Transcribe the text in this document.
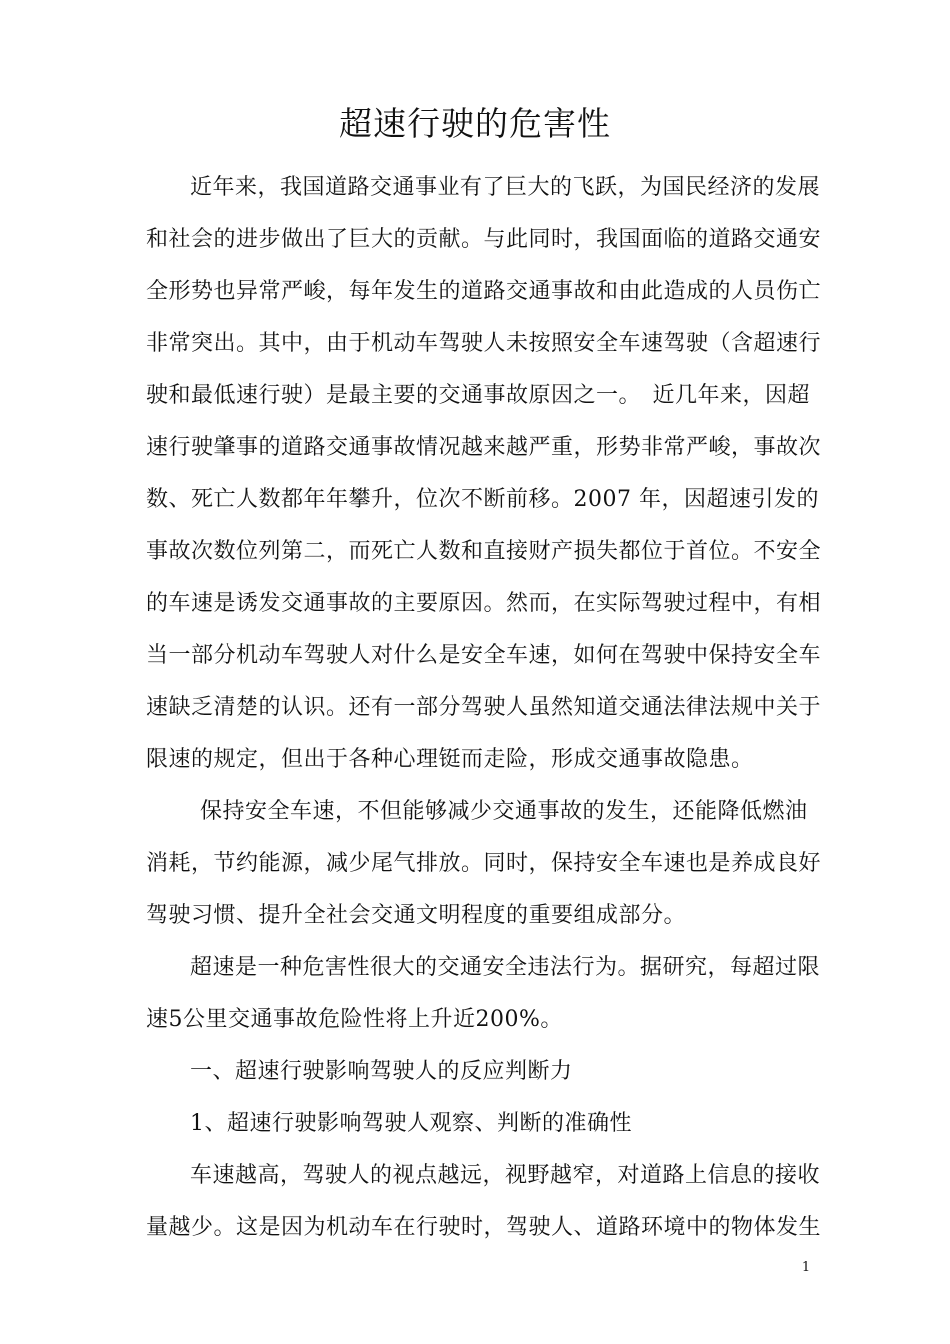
超速行驶的危害性

近年来，我国道路交通事业有了巨大的飞跃，为国民经济的发展

和社会的进步做出了巨大的贡献。与此同时，我国面临的道路交通安

全形势也异常严峻，每年发生的道路交通事故和由此造成的人员伤亡

非常突出。其中，由于机动车驾驶人未按照安全车速驾驶（含超速行

驶和最低速行驶）是最主要的交通事故原因之一。　近几年来，因超

速行驶肇事的道路交通事故情况越来越严重，形势非常严峻，事故次

数、死亡人数都年年攀升，位次不断前移。2007 年，因超速引发的

事故次数位列第二，而死亡人数和直接财产损失都位于首位。不安全

的车速是诱发交通事故的主要原因。然而，在实际驾驶过程中，有相

当一部分机动车驾驶人对什么是安全车速，如何在驾驶中保持安全车

速缺乏清楚的认识。还有一部分驾驶人虽然知道交通法律法规中关于

限速的规定，但出于各种心理铤而走险，形成交通事故隐患。

保持安全车速，不但能够减少交通事故的发生，还能降低燃油

消耗，节约能源，减少尾气排放。同时，保持安全车速也是养成良好

驾驶习惯、提升全社会交通文明程度的重要组成部分。

超速是一种危害性很大的交通安全违法行为。据研究，每超过限

速5公里交通事故危险性将上升近200%。

一、超速行驶影响驾驶人的反应判断力

1、超速行驶影响驾驶人观察、判断的准确性

车速越高，驾驶人的视点越远，视野越窄，对道路上信息的接收

量越少。这是因为机动车在行驶时，驾驶人、道路环境中的物体发生

1
